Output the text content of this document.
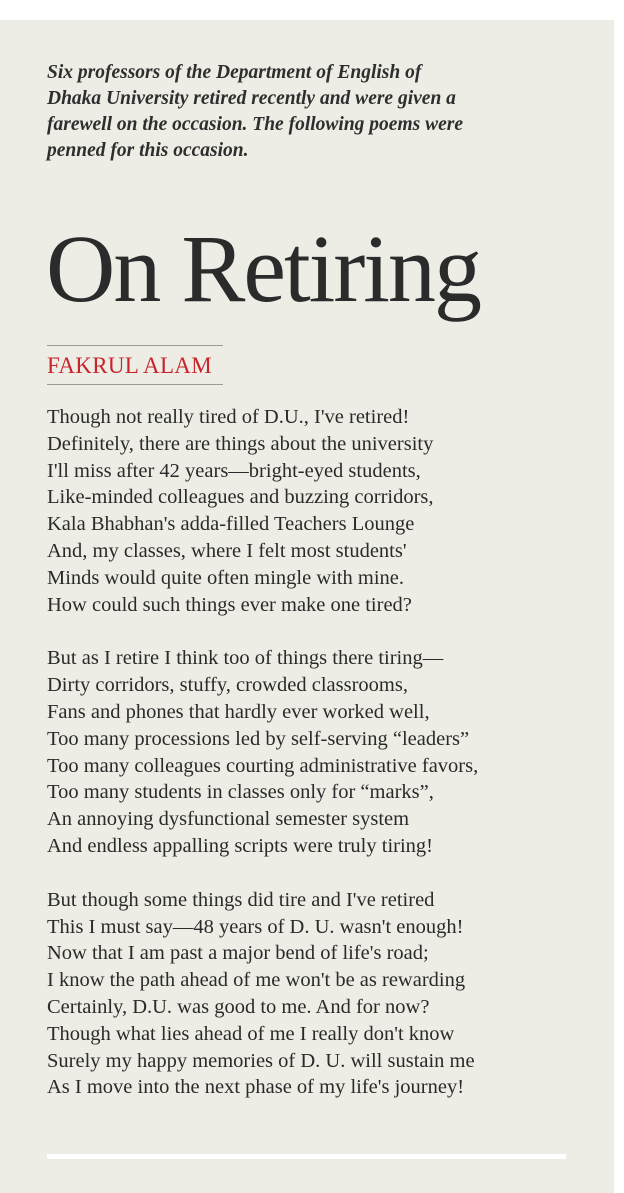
Six professors of the Department of English of
Dhaka University retired recently and were given a
farewell on the occasion. The following poems were
penned for this occasion.
On Retiring
FAKRUL ALAM
Though not really tired of D.U., I've retired!
Definitely, there are things about the university
I'll miss after 42 years—bright-eyed students,
Like-minded colleagues and buzzing corridors,
Kala Bhabhan's adda-filled Teachers Lounge
And, my classes, where I felt most students'
Minds would quite often mingle with mine.
How could such things ever make one tired?
But as I retire I think too of things there tiring—
Dirty corridors, stuffy, crowded classrooms,
Fans and phones that hardly ever worked well,
Too many processions led by self-serving “leaders”
Too many colleagues courting administrative favors,
Too many students in classes only for “marks”,
An annoying dysfunctional semester system
And endless appalling scripts were truly tiring!
But though some things did tire and I've retired
This I must say—48 years of D. U. wasn't enough!
Now that I am past a major bend of life's road;
I know the path ahead of me won't be as rewarding
Certainly, D.U. was good to me. And for now?
Though what lies ahead of me I really don't know
Surely my happy memories of D. U. will sustain me
As I move into the next phase of my life's journey!
